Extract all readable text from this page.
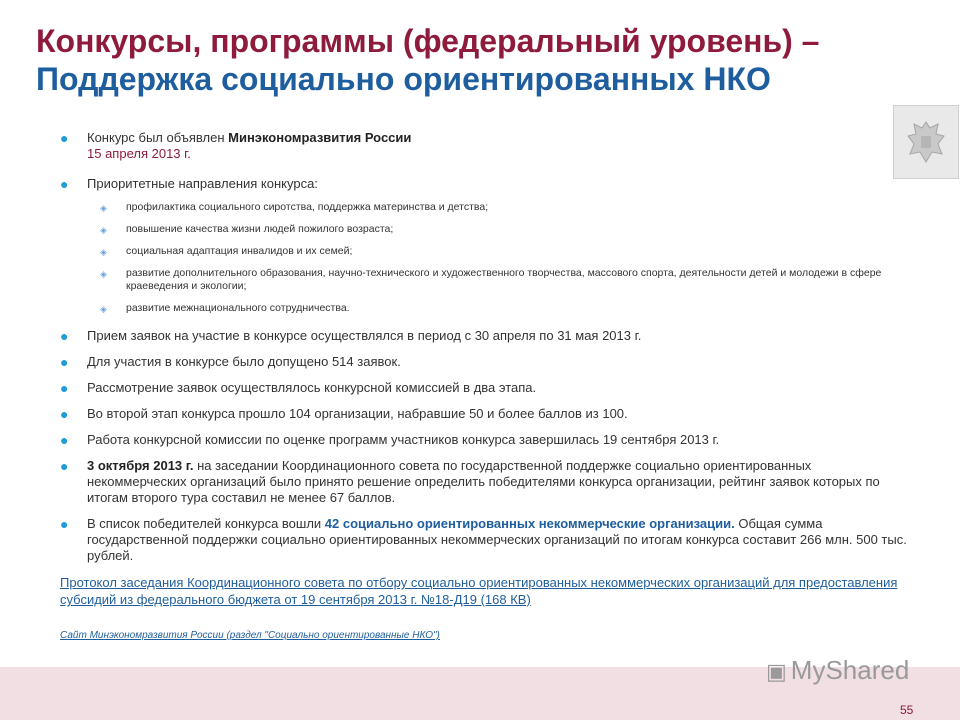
Конкурсы, программы (федеральный уровень) –
Поддержка социально ориентированных НКО
● Конкурс был объявлен Минэкономразвития России
15 апреля 2013 г.
● Приоритетные направления конкурса:
◈ профилактика социального сиротства, поддержка материнства и детства;
◈ повышение качества жизни людей пожилого возраста;
◈ социальная адаптация инвалидов и их семей;
◈ развитие дополнительного образования, научно-технического и художественного творчества, массового спорта, деятельности детей и молодежи в сфере краеведения и экологии;
◈ развитие межнационального сотрудничества.
● Прием заявок на участие в конкурсе осуществлялся в период с 30 апреля по 31 мая 2013 г.
● Для участия в конкурсе было допущено 514 заявок.
● Рассмотрение заявок осуществлялось конкурсной комиссией в два этапа.
● Во второй этап конкурса прошло 104 организации, набравшие 50 и более баллов из 100.
● Работа конкурсной комиссии по оценке программ участников конкурса завершилась 19 сентября 2013 г.
● 3 октября 2013 г. на заседании Координационного совета по государственной поддержке социально ориентированных некоммерческих организаций было принято решение определить победителями конкурса организации, рейтинг заявок которых по итогам второго тура составил не менее 67 баллов.
● В список победителей конкурса вошли 42 социально ориентированных некоммерческие организации. Общая сумма государственной поддержки социально ориентированных некоммерческих организаций по итогам конкурса составит 266 млн. 500 тыс. рублей.
Протокол заседания Координационного совета по отбору социально ориентированных некоммерческих организаций для предоставления субсидий из федерального бюджета от 19 сентября 2013 г. №18-Д19 (168 КВ)
Сайт Минэкономразвития России (раздел "Социально ориентированные НКО")
▣ MyShared
55
